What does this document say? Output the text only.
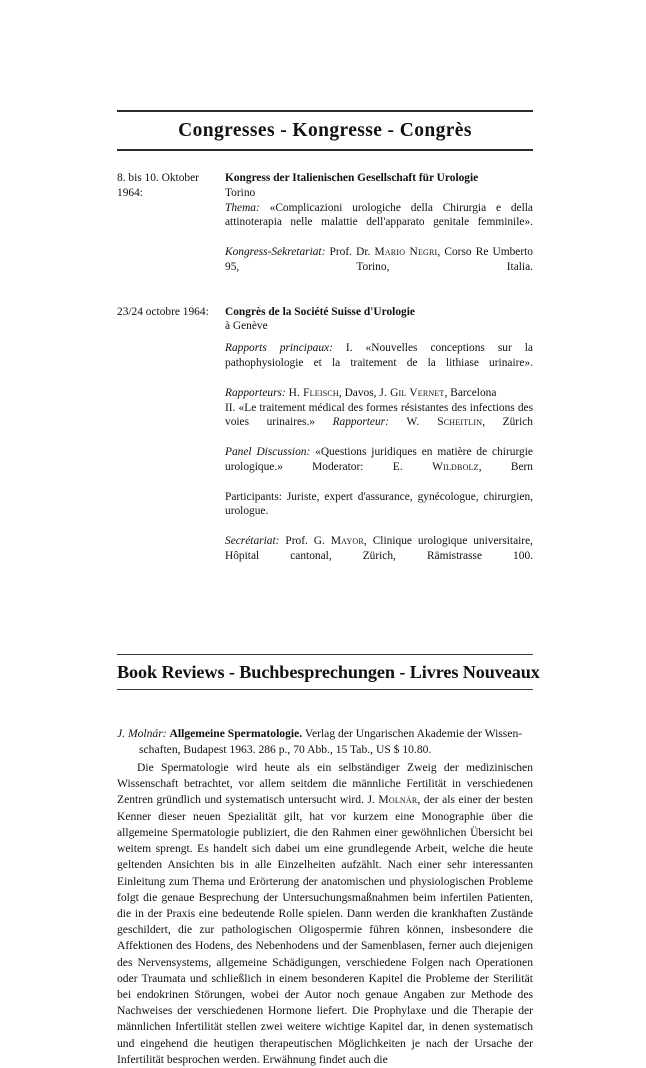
Congresses - Kongresse - Congrès
8. bis 10. Oktober
1964:
Kongress der Italienischen Gesellschaft für Urologie
Torino
Thema: «Complicazioni urologiche della Chirurgia e della attinoterapia nelle malattie dell'apparato genitale femminile».
Kongress-Sekretariat: Prof. Dr. Mario Negri, Corso Re Umberto 95, Torino, Italia.
23/24 octobre 1964:	Congrès de la Société Suisse d'Urologie
à Genève
Rapports principaux: I. «Nouvelles conceptions sur la pathophysiologie et la traitement de la lithiase urinaire».
Rapporteurs: H. Fleisch, Davos, J. Gil Vernet, Barcelona
II. «Le traitement médical des formes résistantes des infections des voies urinaires.» Rapporteur: W. Scheitlin, Zürich
Panel Discussion: «Questions juridiques en matière de chirurgie urologique.» Moderator: E. Wildbolz, Bern
Participants: Juriste, expert d'assurance, gynécologue, chirurgien, urologue.
Secrétariat: Prof. G. Mayor, Clinique urologique universitaire, Hôpital cantonal, Zürich, Rämistrasse 100.
Book Reviews - Buchbesprechungen - Livres Nouveaux
J. Molnár: Allgemeine Spermatologie. Verlag der Ungarischen Akademie der Wissen-
schaften, Budapest 1963. 286 p., 70 Abb., 15 Tab., US $ 10.80.
Die Spermatologie wird heute als ein selbständiger Zweig der medizinischen Wissenschaft betrachtet, vor allem seitdem die männliche Fertilität in verschiedenen Zentren gründlich und systematisch untersucht wird. J. Molnár, der als einer der besten Kenner dieser neuen Spezialität gilt, hat vor kurzem eine Monographie über die allgemeine Spermatologie publiziert, die den Rahmen einer gewöhnlichen Übersicht bei weitem sprengt. Es handelt sich dabei um eine grundlegende Arbeit, welche die heute geltenden Ansichten bis in alle Einzelheiten aufzählt. Nach einer sehr interessanten Einleitung zum Thema und Erörterung der anatomischen und physiologischen Probleme folgt die genaue Besprechung der Untersuchungsmaßnahmen beim infertilen Patienten, die in der Praxis eine bedeutende Rolle spielen. Dann werden die krankhaften Zustände geschildert, die zur pathologischen Oligospermie führen können, insbesondere die Affektionen des Hodens, des Nebenhodens und der Samenblasen, ferner auch diejenigen des Nervensystems, allgemeine Schädigungen, verschiedene Folgen nach Operationen oder Traumata und schließlich in einem besonderen Kapitel die Probleme der Sterilität bei endokrinen Störungen, wobei der Autor noch genaue Angaben zur Methode des Nachweises der verschiedenen Hormone liefert. Die Prophylaxe und die Therapie der männlichen Infertilität stellen zwei weitere wichtige Kapitel dar, in denen systematisch und eingehend die heutigen therapeutischen Möglichkeiten je nach der Ursache der Infertilität besprochen werden. Erwähnung findet auch die
